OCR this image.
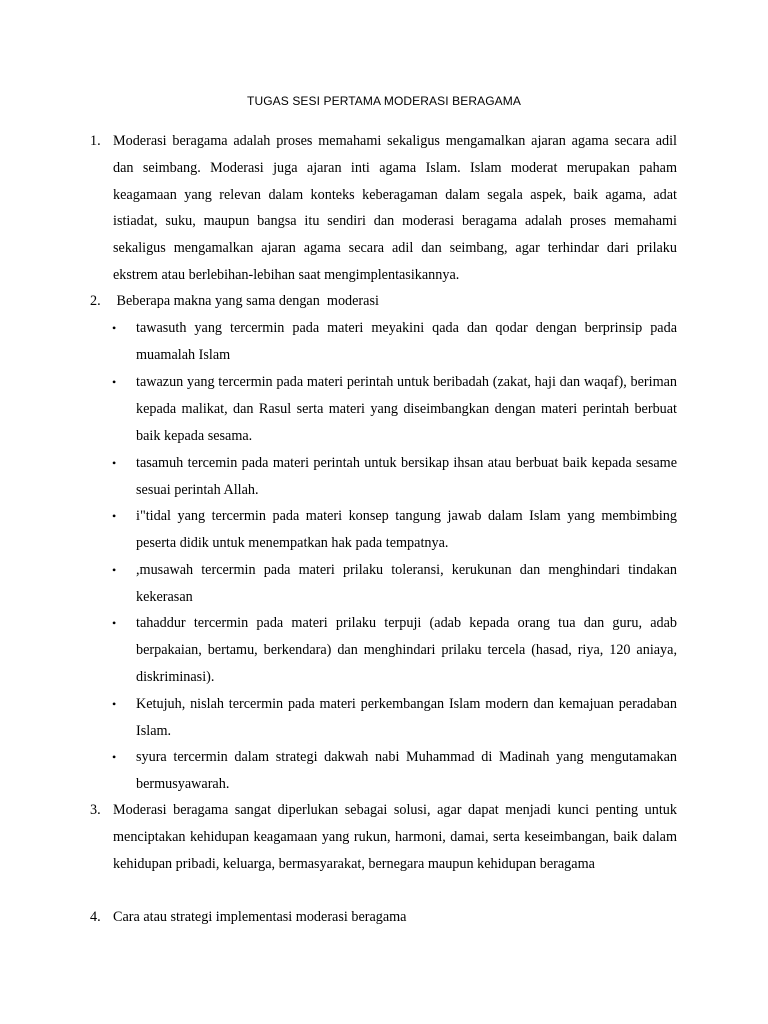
TUGAS SESI PERTAMA MODERASI BERAGAMA
1. Moderasi beragama adalah proses memahami sekaligus mengamalkan ajaran agama secara adil dan seimbang. Moderasi juga ajaran inti agama Islam. Islam moderat merupakan paham keagamaan yang relevan dalam konteks keberagaman dalam segala aspek, baik agama, adat istiadat, suku, maupun bangsa itu sendiri dan moderasi beragama adalah proses memahami sekaligus mengamalkan ajaran agama secara adil dan seimbang, agar terhindar dari prilaku ekstrem atau berlebihan-lebihan saat mengimplentasikannya.
2. Beberapa makna yang sama dengan  moderasi
• tawasuth yang tercermin pada materi meyakini qada dan qodar dengan berprinsip pada muamalah Islam
• tawazun yang tercermin pada materi perintah untuk beribadah (zakat, haji dan waqaf), beriman kepada malikat, dan Rasul serta materi yang diseimbangkan dengan materi perintah berbuat baik kepada sesama.
• tasamuh tercemin pada materi perintah untuk bersikap ihsan atau berbuat baik kepada sesame sesuai perintah Allah.
• i"tidal yang tercermin pada materi konsep tangung jawab dalam Islam yang membimbing peserta didik untuk menempatkan hak pada tempatnya.
• ,musawah tercermin pada materi prilaku toleransi, kerukunan dan menghindari tindakan kekerasan
• tahaddur tercermin pada materi prilaku terpuji (adab kepada orang tua dan guru, adab berpakaian, bertamu, berkendara) dan menghindari prilaku tercela (hasad, riya, 120 aniaya, diskriminasi).
• Ketujuh, nislah tercermin pada materi perkembangan Islam modern dan kemajuan peradaban Islam.
• syura tercermin dalam strategi dakwah nabi Muhammad di Madinah yang mengutamakan bermusyawarah.
3. Moderasi beragama sangat diperlukan sebagai solusi, agar dapat menjadi kunci penting untuk menciptakan kehidupan keagamaan yang rukun, harmoni, damai, serta keseimbangan, baik dalam kehidupan pribadi, keluarga, bermasyarakat, bernegara maupun kehidupan beragama
4. Cara atau strategi implementasi moderasi beragama
